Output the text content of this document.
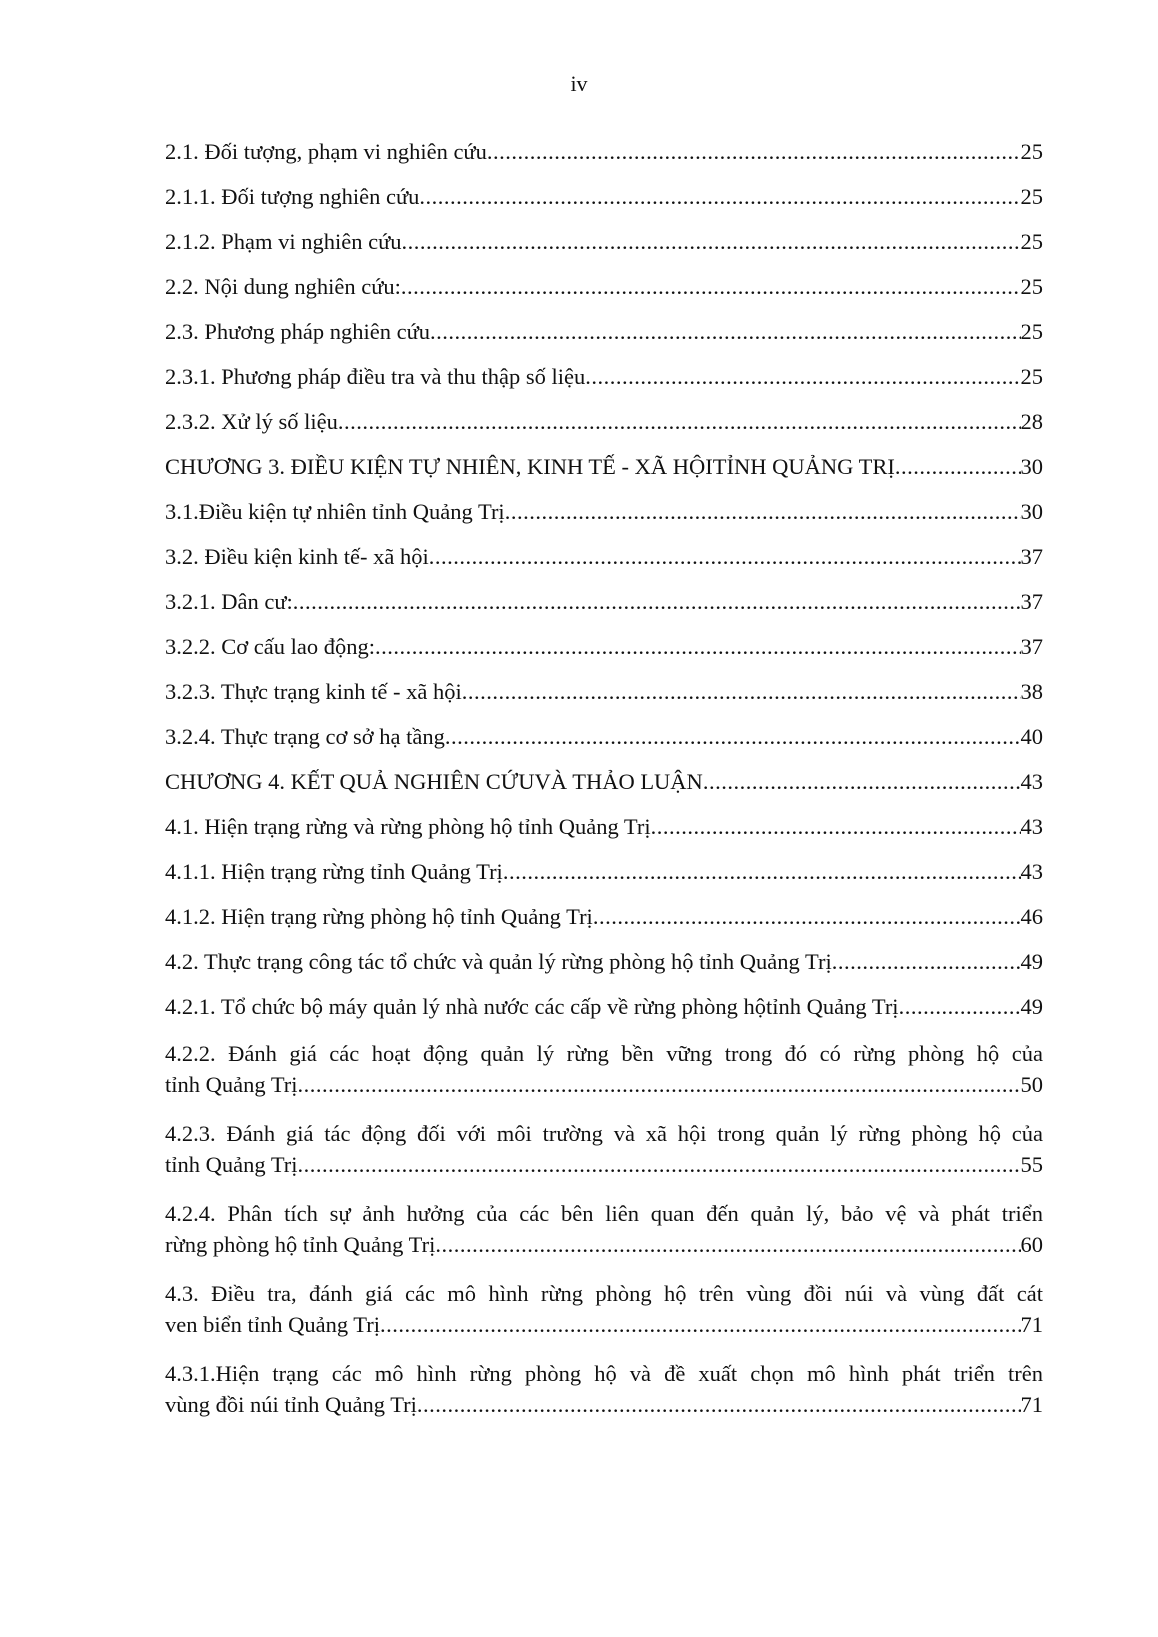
iv
2.1. Đối tượng, phạm vi nghiên cứu .....	25
2.1.1. Đối tượng nghiên cứu .....	25
2.1.2. Phạm vi nghiên cứu .....	25
2.2. Nội dung nghiên cứu: .....	25
2.3. Phương pháp nghiên cứu .....	25
2.3.1. Phương pháp điều tra và thu thập số liệu .....	25
2.3.2. Xử lý số liệu .....	28
CHƯƠNG 3. ĐIỀU KIỆN TỰ NHIÊN, KINH TẾ - XÃ HỘITỈNH QUẢNG TRỊ .....	30
3.1.Điều kiện tự nhiên tỉnh Quảng Trị .....	30
3.2. Điều kiện kinh tế- xã hội .....	37
3.2.1. Dân cư: .....	37
3.2.2. Cơ cấu lao động: .....	37
3.2.3. Thực trạng kinh tế - xã hội .....	38
3.2.4. Thực trạng cơ sở hạ tầng .....	40
CHƯƠNG 4. KẾT QUẢ NGHIÊN CỨUVÀ THẢO LUẬN .....	43
4.1. Hiện trạng rừng và rừng phòng hộ tỉnh Quảng Trị .....	43
4.1.1. Hiện trạng rừng tỉnh Quảng Trị .....	43
4.1.2. Hiện trạng rừng phòng hộ tỉnh Quảng Trị .....	46
4.2. Thực trạng công tác tổ chức và quản lý rừng phòng hộ tỉnh Quảng Trị .....	49
4.2.1. Tổ chức bộ máy quản lý nhà nước các cấp về rừng phòng hộtỉnh Quảng Trị .....	49
4.2.2. Đánh giá các hoạt động quản lý rừng bền vững trong đó có rừng phòng hộ của
tỉnh Quảng Trị .....	50
4.2.3. Đánh giá tác động đối với môi trường và xã hội trong quản lý rừng phòng hộ của
tỉnh Quảng Trị .....	55
4.2.4. Phân tích sự ảnh hưởng của các bên liên quan đến quản lý, bảo vệ và phát triển
rừng phòng hộ tỉnh Quảng Trị .....	60
4.3. Điều tra, đánh giá các mô hình rừng phòng hộ trên vùng đồi núi và vùng đất cát
ven biển tỉnh Quảng Trị .....	71
4.3.1.Hiện trạng các mô hình rừng phòng hộ và đề xuất chọn mô hình phát triển trên
vùng đồi núi tỉnh Quảng Trị .....	71
